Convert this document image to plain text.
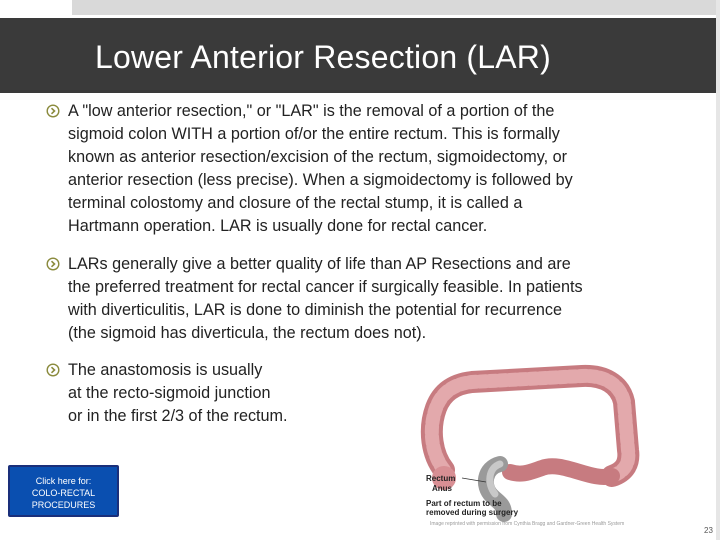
Lower Anterior Resection (LAR)
A "low anterior resection," or "LAR" is the removal of a portion of the
sigmoid colon WITH a portion of/or the entire rectum. This is formally
known as anterior resection/excision of the rectum, sigmoidectomy, or
anterior resection (less precise). When a sigmoidectomy is followed by
terminal colostomy and closure of the rectal stump, it is called a
Hartmann operation. LAR is usually done for rectal cancer.
LARs generally give a better quality of life than AP Resections and are
the preferred treatment for rectal cancer if surgically feasible. In patients
with diverticulitis, LAR is done to diminish the potential for recurrence
(the sigmoid has diverticula, the rectum does not).
The anastomosis is usually
at the recto-sigmoid junction
or in the first 2/3 of the rectum.
Click here for:
COLO-RECTAL
PROCEDURES
Rectum
Anus
Part of rectum to be
removed during surgery
Image reprinted with permission from Cynthia Bragg and Gardner-Green Health System
23
